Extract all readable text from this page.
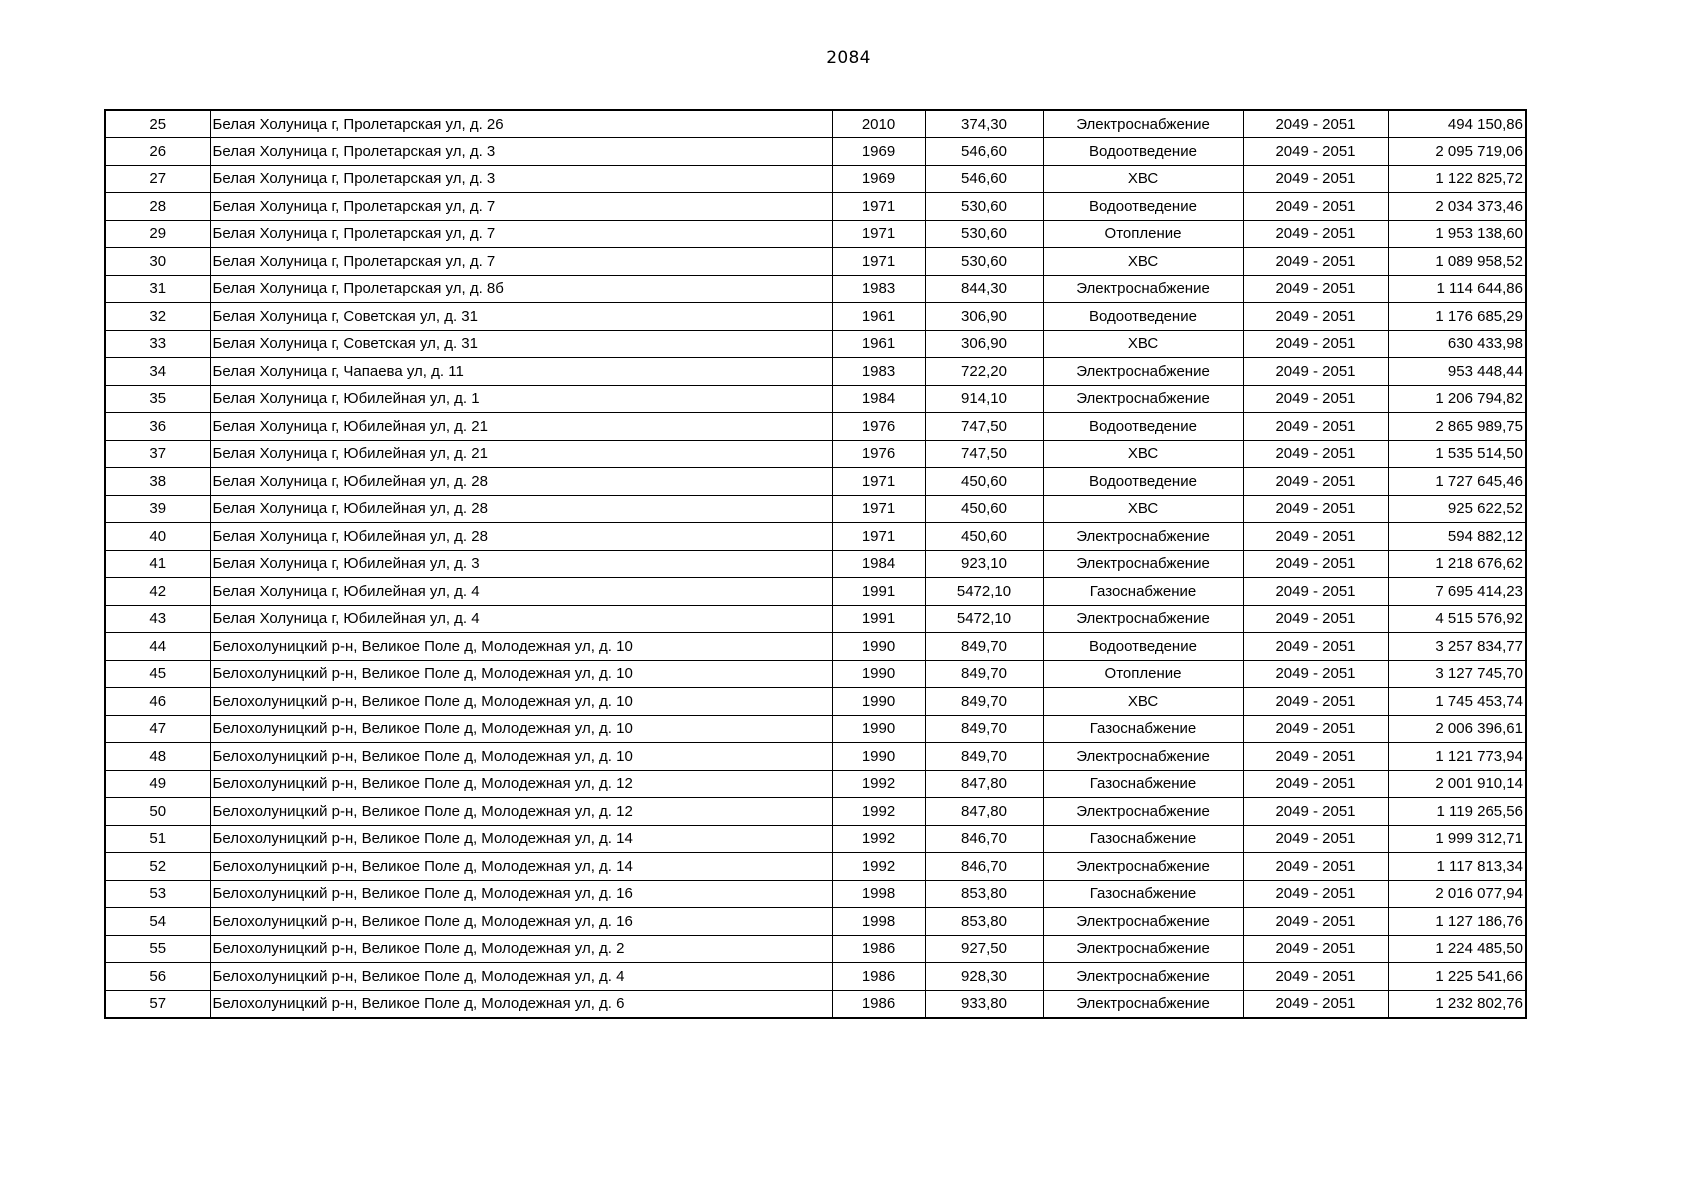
2084
25	Белая Холуница г, Пролетарская ул, д. 26	2010	374,30	Электроснабжение	2049 - 2051	494 150,86
26	Белая Холуница г, Пролетарская ул, д. 3	1969	546,60	Водоотведение	2049 - 2051	2 095 719,06
27	Белая Холуница г, Пролетарская ул, д. 3	1969	546,60	ХВС	2049 - 2051	1 122 825,72
28	Белая Холуница г, Пролетарская ул, д. 7	1971	530,60	Водоотведение	2049 - 2051	2 034 373,46
29	Белая Холуница г, Пролетарская ул, д. 7	1971	530,60	Отопление	2049 - 2051	1 953 138,60
30	Белая Холуница г, Пролетарская ул, д. 7	1971	530,60	ХВС	2049 - 2051	1 089 958,52
31	Белая Холуница г, Пролетарская ул, д. 8б	1983	844,30	Электроснабжение	2049 - 2051	1 114 644,86
32	Белая Холуница г, Советская ул, д. 31	1961	306,90	Водоотведение	2049 - 2051	1 176 685,29
33	Белая Холуница г, Советская ул, д. 31	1961	306,90	ХВС	2049 - 2051	630 433,98
34	Белая Холуница г, Чапаева ул, д. 11	1983	722,20	Электроснабжение	2049 - 2051	953 448,44
35	Белая Холуница г, Юбилейная ул, д. 1	1984	914,10	Электроснабжение	2049 - 2051	1 206 794,82
36	Белая Холуница г, Юбилейная ул, д. 21	1976	747,50	Водоотведение	2049 - 2051	2 865 989,75
37	Белая Холуница г, Юбилейная ул, д. 21	1976	747,50	ХВС	2049 - 2051	1 535 514,50
38	Белая Холуница г, Юбилейная ул, д. 28	1971	450,60	Водоотведение	2049 - 2051	1 727 645,46
39	Белая Холуница г, Юбилейная ул, д. 28	1971	450,60	ХВС	2049 - 2051	925 622,52
40	Белая Холуница г, Юбилейная ул, д. 28	1971	450,60	Электроснабжение	2049 - 2051	594 882,12
41	Белая Холуница г, Юбилейная ул, д. 3	1984	923,10	Электроснабжение	2049 - 2051	1 218 676,62
42	Белая Холуница г, Юбилейная ул, д. 4	1991	5472,10	Газоснабжение	2049 - 2051	7 695 414,23
43	Белая Холуница г, Юбилейная ул, д. 4	1991	5472,10	Электроснабжение	2049 - 2051	4 515 576,92
44	Белохолуницкий р-н, Великое Поле д, Молодежная ул, д. 10	1990	849,70	Водоотведение	2049 - 2051	3 257 834,77
45	Белохолуницкий р-н, Великое Поле д, Молодежная ул, д. 10	1990	849,70	Отопление	2049 - 2051	3 127 745,70
46	Белохолуницкий р-н, Великое Поле д, Молодежная ул, д. 10	1990	849,70	ХВС	2049 - 2051	1 745 453,74
47	Белохолуницкий р-н, Великое Поле д, Молодежная ул, д. 10	1990	849,70	Газоснабжение	2049 - 2051	2 006 396,61
48	Белохолуницкий р-н, Великое Поле д, Молодежная ул, д. 10	1990	849,70	Электроснабжение	2049 - 2051	1 121 773,94
49	Белохолуницкий р-н, Великое Поле д, Молодежная ул, д. 12	1992	847,80	Газоснабжение	2049 - 2051	2 001 910,14
50	Белохолуницкий р-н, Великое Поле д, Молодежная ул, д. 12	1992	847,80	Электроснабжение	2049 - 2051	1 119 265,56
51	Белохолуницкий р-н, Великое Поле д, Молодежная ул, д. 14	1992	846,70	Газоснабжение	2049 - 2051	1 999 312,71
52	Белохолуницкий р-н, Великое Поле д, Молодежная ул, д. 14	1992	846,70	Электроснабжение	2049 - 2051	1 117 813,34
53	Белохолуницкий р-н, Великое Поле д, Молодежная ул, д. 16	1998	853,80	Газоснабжение	2049 - 2051	2 016 077,94
54	Белохолуницкий р-н, Великое Поле д, Молодежная ул, д. 16	1998	853,80	Электроснабжение	2049 - 2051	1 127 186,76
55	Белохолуницкий р-н, Великое Поле д, Молодежная ул, д. 2	1986	927,50	Электроснабжение	2049 - 2051	1 224 485,50
56	Белохолуницкий р-н, Великое Поле д, Молодежная ул, д. 4	1986	928,30	Электроснабжение	2049 - 2051	1 225 541,66
57	Белохолуницкий р-н, Великое Поле д, Молодежная ул, д. 6	1986	933,80	Электроснабжение	2049 - 2051	1 232 802,76
